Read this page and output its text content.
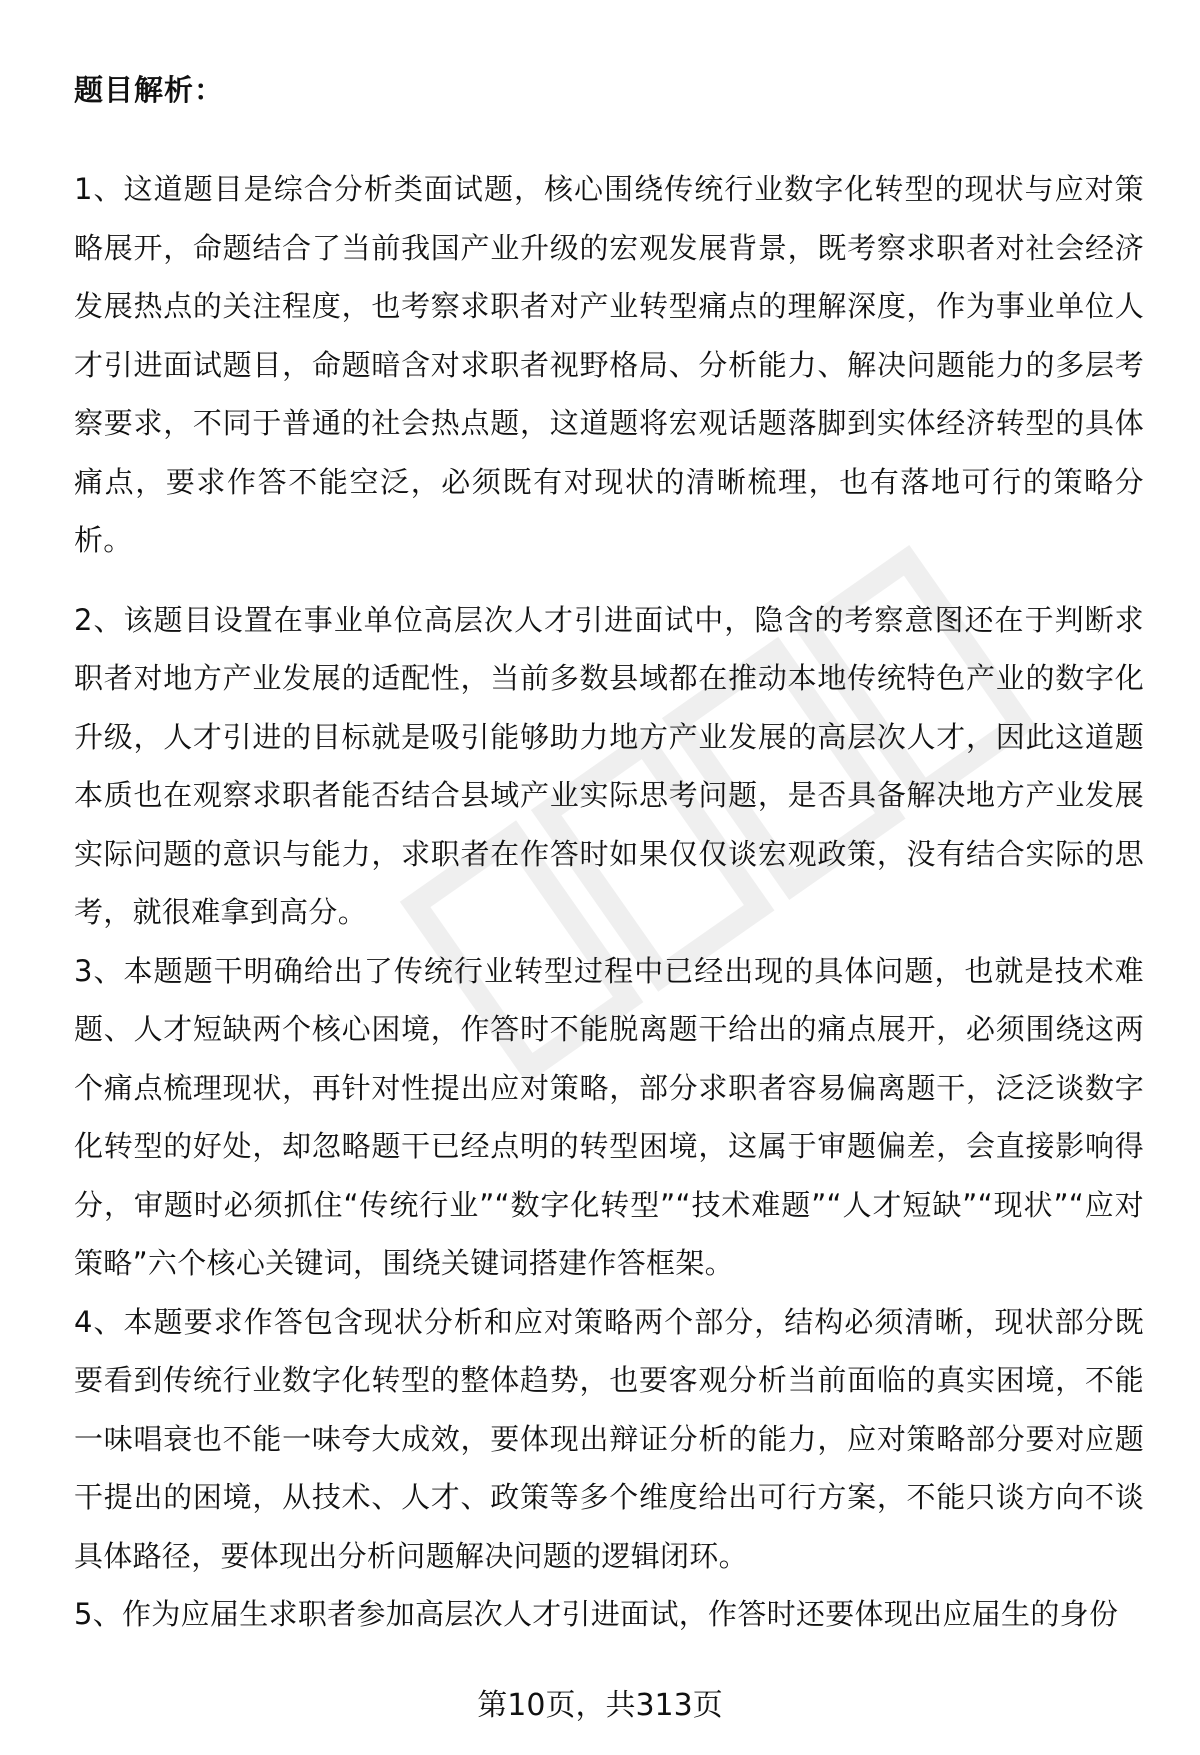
题目解析：

1、这道题目是综合分析类面试题，核心围绕传统行业数字化转型的现状与应对策略展开，命题结合了当前我国产业升级的宏观发展背景，既考察求职者对社会经济发展热点的关注程度，也考察求职者对产业转型痛点的理解深度，作为事业单位人才引进面试题目，命题暗含对求职者视野格局、分析能力、解决问题能力的多层考察要求，不同于普通的社会热点题，这道题将宏观话题落脚到实体经济转型的具体痛点，要求作答不能空泛，必须既有对现状的清晰梳理，也有落地可行的策略分析。

2、该题目设置在事业单位高层次人才引进面试中，隐含的考察意图还在于判断求职者对地方产业发展的适配性，当前多数县域都在推动本地传统特色产业的数字化升级，人才引进的目标就是吸引能够助力地方产业发展的高层次人才，因此这道题本质也在观察求职者能否结合县域产业实际思考问题，是否具备解决地方产业发展实际问题的意识与能力，求职者在作答时如果仅仅谈宏观政策，没有结合实际的思考，就很难拿到高分。

3、本题题干明确给出了传统行业转型过程中已经出现的具体问题，也就是技术难题、人才短缺两个核心困境，作答时不能脱离题干给出的痛点展开，必须围绕这两个痛点梳理现状，再针对性提出应对策略，部分求职者容易偏离题干，泛泛谈数字化转型的好处，却忽略题干已经点明的转型困境，这属于审题偏差，会直接影响得分，审题时必须抓住“传统行业”“数字化转型”“技术难题”“人才短缺”“现状”“应对策略”六个核心关键词，围绕关键词搭建作答框架。

4、本题要求作答包含现状分析和应对策略两个部分，结构必须清晰，现状部分既要看到传统行业数字化转型的整体趋势，也要客观分析当前面临的真实困境，不能一味唱衰也不能一味夸大成效，要体现出辩证分析的能力，应对策略部分要对应题干提出的困境，从技术、人才、政策等多个维度给出可行方案，不能只谈方向不谈具体路径，要体现出分析问题解决问题的逻辑闭环。

5、作为应届生求职者参加高层次人才引进面试，作答时还要体现出应届生的身份

第10页，共313页
